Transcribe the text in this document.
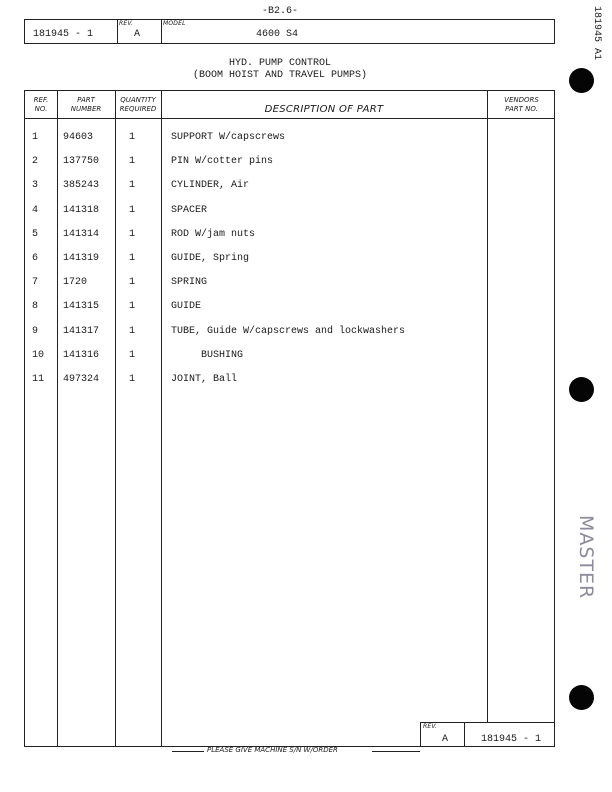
-B2.6-
181945 - 1
REV.
A
MODEL
4600 S4
HYD. PUMP CONTROL
(BOOM HOIST AND TRAVEL PUMPS)
REF.
NO.
PART
NUMBER
QUANTITY
REQUIRED	DESCRIPTION OF PART
VENDORS
PART NO.
1 94603	1	SUPPORT W/capscrews
2 137750	1	PIN W/cotter pins
3 385243	1	CYLINDER, Air
4 141318	1	SPACER
5 141314	1	ROD W/jam nuts
6 141319	1	GUIDE, Spring
7 1720	1	SPRING
8 141315	1	GUIDE
9 141317	1	TUBE, Guide W/capscrews and lockwashers
10 141316	1	BUSHING
11 497324	1	JOINT, Ball
REV.
A	181945 - 1
PLEASE GIVE MACHINE S/N W/ORDER
181945 A1
MASTER
